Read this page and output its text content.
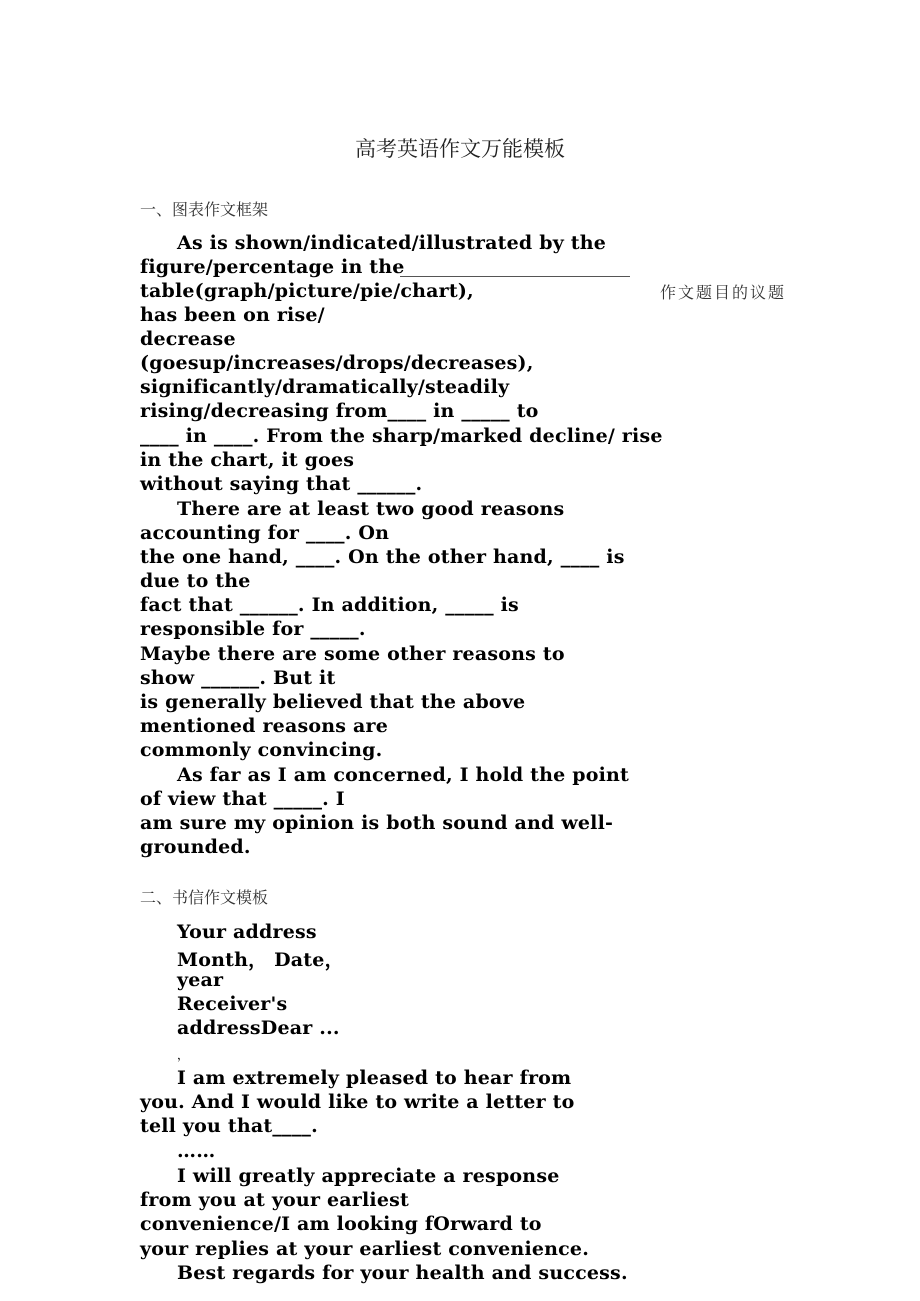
高考英语作文万能模板
一、图表作文框架
As is shown/indicated/illustrated by the
figure/percentage in the
table(graph/picture/pie/chart),	作文题目的议题
has been on rise/
decrease
(goesup/increases/drops/decreases),
significantly/dramatically/steadily
rising/decreasing from____ in _____ to
____ in ____. From the sharp/marked decline/ rise
in the chart, it goes
without saying that ______.
There are at least two good reasons
accounting for ____. On
the one hand, ____. On the other hand, ____ is
due to the
fact that ______. In addition, _____ is
responsible for _____.
Maybe there are some other reasons to
show ______. But it
is generally believed that the above
mentioned reasons are
commonly convincing.
As far as I am concerned, I hold the point
of view that _____. I
am sure my opinion is both sound and well-
grounded.
二、书信作文模板
Your address
Month， Date，
year
Receiver's
addressDear ...
，
I am extremely pleased to hear from
you. And I would like to write a letter to
tell you that____.
……
I will greatly appreciate a response
from you at your earliest
convenience/I am looking fOrward to
your replies at your earliest convenience.
Best regards for your health and success.
